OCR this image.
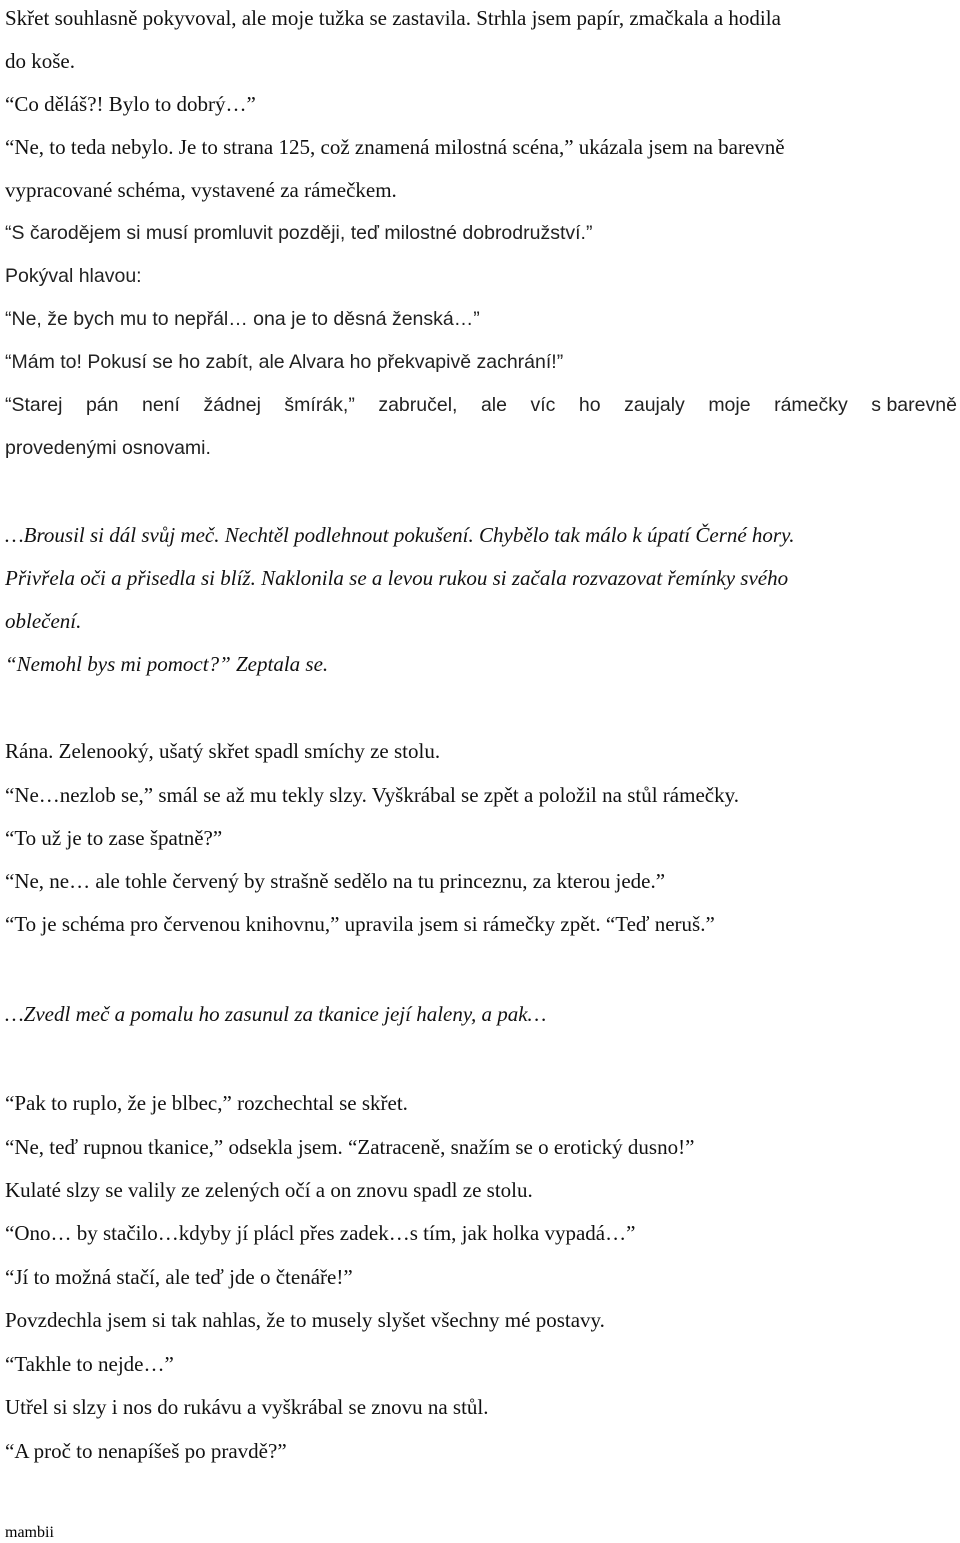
Skřet souhlasně pokyvoval, ale moje tužka se zastavila. Strhla jsem papír, zmačkala a hodila
do koše.
“Co děláš?! Bylo to dobrý…”
“Ne, to teda nebylo. Je to strana 125, což znamená milostná scéna,” ukázala jsem na barevně
vypracované schéma, vystavené za rámečkem.
“S čarodějem si musí promluvit později, teď milostné dobrodružství.”
Pokýval hlavou:
“Ne, že bych mu to nepřál… ona je to děsná ženská…”
“Mám to! Pokusí se ho zabít, ale Alvara ho překvapivě zachrání!”
“Starej pán není žádnej šmírák,” zabručel, ale víc ho zaujaly moje rámečky s barevně
provedenými osnovami.
…Brousil si dál svůj meč. Nechtěl podlehnout pokušení. Chybělo tak málo k úpatí Černé hory.
Přivřela oči a přisedla si blíž. Naklonila se a levou rukou si začala rozvazovat řemínky svého
oblečení.
“Nemohl bys mi pomoct?” Zeptala se.
Rána. Zelenooký, ušatý skřet spadl smíchy ze stolu.
“Ne…nezlob se,” smál se až mu tekly slzy. Vyškrábal se zpět a položil na stůl rámečky.
“To už je to zase špatně?”
“Ne, ne… ale tohle červený by strašně sedělo na tu princeznu, za kterou jede.”
“To je schéma pro červenou knihovnu,” upravila jsem si rámečky zpět. “Teď neruš.”
…Zvedl meč a pomalu ho zasunul za tkanice její haleny, a pak…
“Pak to ruplo, že je blbec,” rozchechtal se skřet.
“Ne, teď rupnou tkanice,” odsekla jsem. “Zatraceně, snažím se o erotický dusno!”
Kulaté slzy se valily ze zelených očí a on znovu spadl ze stolu.
“Ono… by stačilo…kdyby jí plácl přes zadek…s tím, jak holka vypadá…”
“Jí to možná stačí, ale teď jde o čtenáře!”
Povzdechla jsem si tak nahlas, že to musely slyšet všechny mé postavy.
“Takhle to nejde…”
Utřel si slzy i nos do rukávu a vyškrábal se znovu na stůl.
“A proč to nenapíšeš po pravdě?”
mambii
